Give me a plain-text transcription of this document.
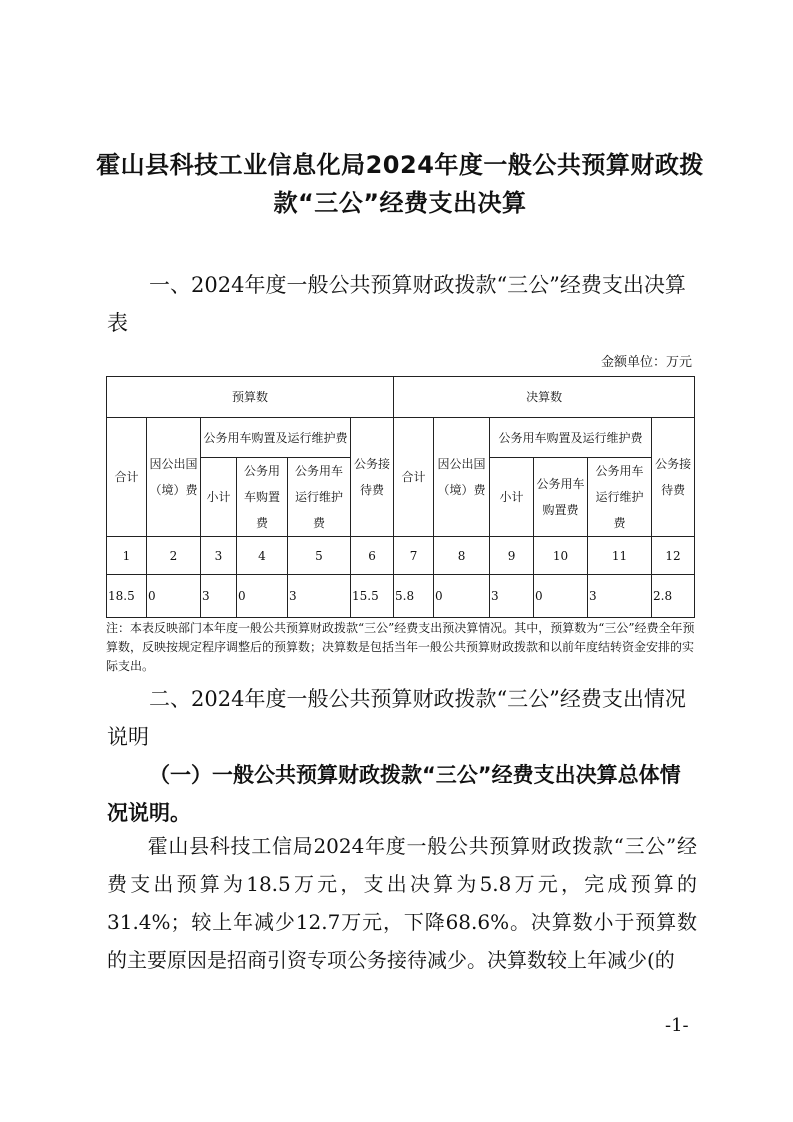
霍山县科技工业信息化局2024年度一般公共预算财政拨
款“三公”经费支出决算
一、2024年度一般公共预算财政拨款“三公”经费支出决算
表
金额单位：万元
预算数						决算数					
合计	因公出国（境）费	公务用车购置及运行维护费			公务接待费	合计	因公出国（境）费	公务用车购置及运行维护费			公务接待费
		小计	公务用车购置费	公务用车运行维护费				小计	公务用车购置费	公务用车运行维护费	
1	2	3	4	5	6	7	8	9	10	11	12
18.5	0	3	0	3	15.5	5.8	0	3	0	3	2.8
注：本表反映部门本年度一般公共预算财政拨款“三公”经费支出预决算情况。其中，预算数为“三公”经费全年预算数，反映按规定程序调整后的预算数；决算数是包括当年一般公共预算财政拨款和以前年度结转资金安排的实际支出。
二、2024年度一般公共预算财政拨款“三公”经费支出情况
说明
（一）一般公共预算财政拨款“三公”经费支出决算总体情
况说明。
霍山县科技工信局2024年度一般公共预算财政拨款“三公”经费支出预算为18.5万元，支出决算为5.8万元，完成预算的31.4%；较上年减少12.7万元，下降68.6%。决算数小于预算数的主要原因是招商引资专项公务接待减少。决算数较上年减少(的
-1-
